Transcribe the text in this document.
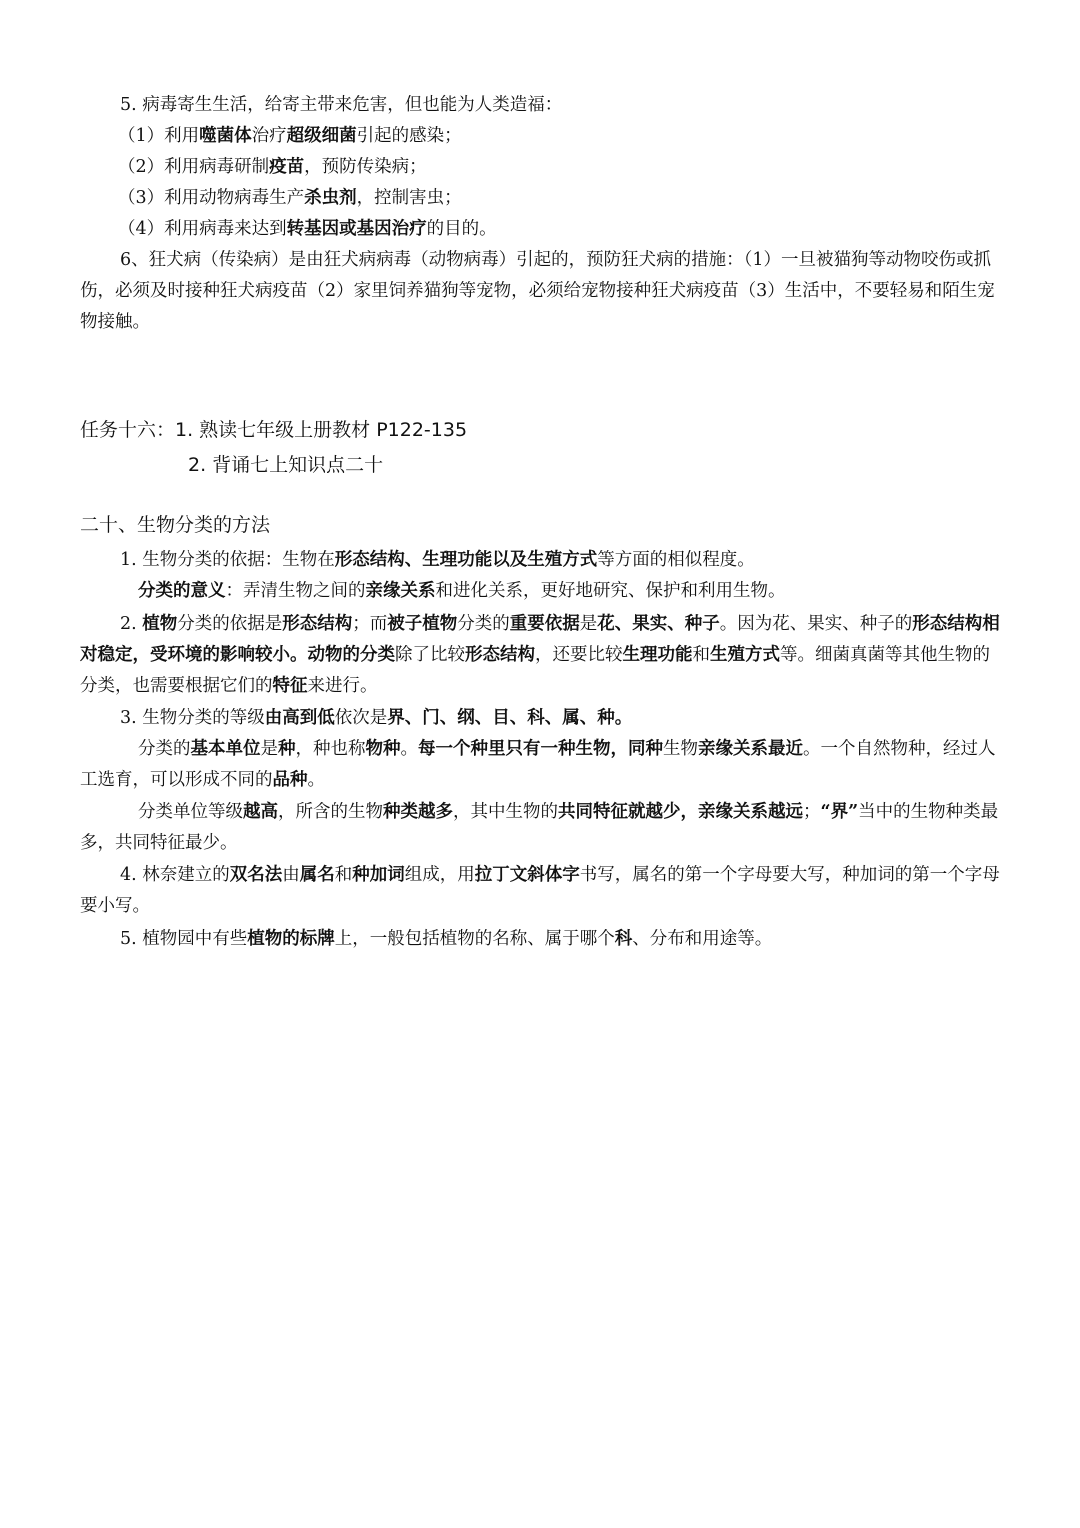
5. 病毒寄生生活，给寄主带来危害，但也能为人类造福：

（1）利用噬菌体治疗超级细菌引起的感染；

（2）利用病毒研制疫苗，预防传染病；

（3）利用动物病毒生产杀虫剂，控制害虫；

（4）利用病毒来达到转基因或基因治疗的目的。

6、狂犬病（传染病）是由狂犬病病毒（动物病毒）引起的，预防狂犬病的措施：（1）一旦被猫狗等动物咬伤或抓伤，必须及时接种狂犬病疫苗（2）家里饲养猫狗等宠物，必须给宠物接种狂犬病疫苗（3）生活中，不要轻易和陌生宠物接触。

任务十六：1. 熟读七年级上册教材 P122-135
2. 背诵七上知识点二十
二十、生物分类的方法

1. 生物分类的依据：生物在形态结构、生理功能以及生殖方式等方面的相似程度。

分类的意义：弄清生物之间的亲缘关系和进化关系，更好地研究、保护和利用生物。

2. 植物分类的依据是形态结构；而被子植物分类的重要依据是花、果实、种子。因为花、果实、种子的形态结构相对稳定，受环境的影响较小。动物的分类除了比较形态结构，还要比较生理功能和生殖方式等。细菌真菌等其他生物的分类，也需要根据它们的特征来进行。

3. 生物分类的等级由高到低依次是界、门、纲、目、科、属、种。

分类的基本单位是种，种也称物种。每一个种里只有一种生物，同种生物亲缘关系最近。一个自然物种，经过人工选育，可以形成不同的品种。

分类单位等级越高，所含的生物种类越多，其中生物的共同特征就越少，亲缘关系越远；“界”当中的生物种类最多，共同特征最少。

4. 林奈建立的双名法由属名和种加词组成，用拉丁文斜体字书写，属名的第一个字母要大写，种加词的第一个字母要小写。

5. 植物园中有些植物的标牌上，一般包括植物的名称、属于哪个科、分布和用途等。
